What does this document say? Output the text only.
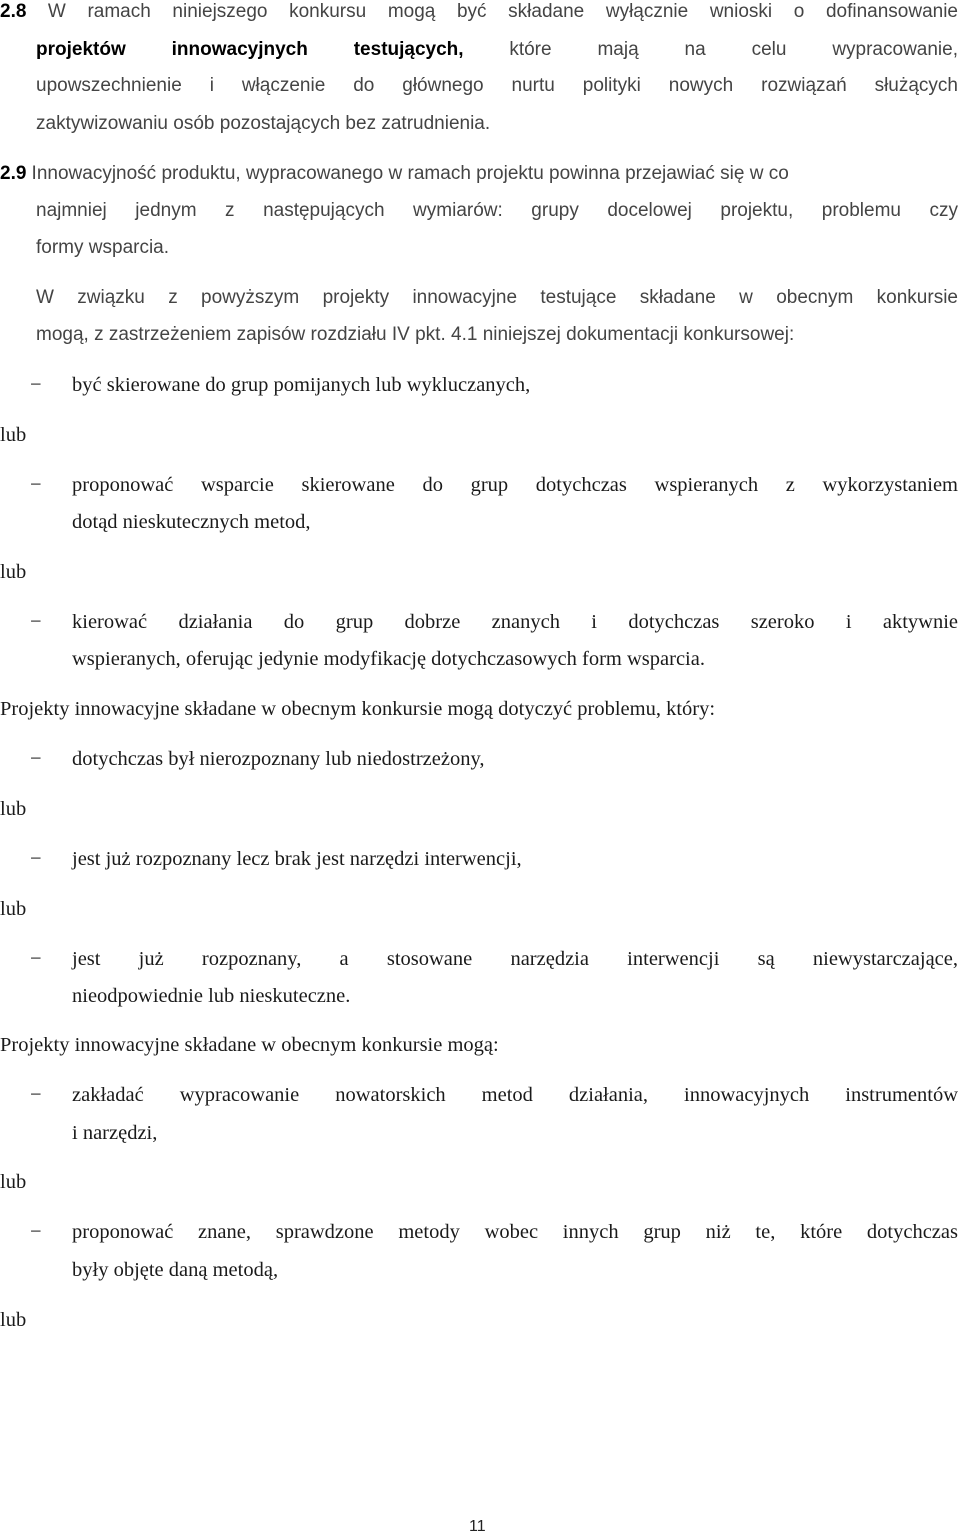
2.8 W ramach niniejszego konkursu mogą być składane wyłącznie wnioski o dofinansowanie
projektów innowacyjnych testujących, które mają na celu wypracowanie,
upowszechnienie i włączenie do głównego nurtu polityki nowych rozwiązań służących
zaktywizowaniu osób pozostających bez zatrudnienia.
2.9 Innowacyjność produktu, wypracowanego w ramach projektu powinna przejawiać się w co
najmniej jednym z następujących wymiarów: grupy docelowej projektu, problemu czy
formy wsparcia.
W związku z powyższym projekty innowacyjne testujące składane w obecnym konkursie
mogą, z zastrzeżeniem zapisów rozdziału IV pkt. 4.1 niniejszej dokumentacji konkursowej:
− być skierowane do grup pomijanych lub wykluczanych,
lub
− proponować wsparcie skierowane do grup dotychczas wspieranych z wykorzystaniem
dotąd nieskutecznych metod,
lub
− kierować działania do grup dobrze znanych i dotychczas szeroko i aktywnie
wspieranych, oferując jedynie modyfikację dotychczasowych form wsparcia.
Projekty innowacyjne składane w obecnym konkursie mogą dotyczyć problemu, który:
− dotychczas był nierozpoznany lub niedostrzeżony,
lub
− jest już rozpoznany lecz brak jest narzędzi interwencji,
lub
− jest już rozpoznany, a stosowane narzędzia interwencji są niewystarczające,
nieodpowiednie lub nieskuteczne.
Projekty innowacyjne składane w obecnym konkursie mogą:
− zakładać wypracowanie nowatorskich metod działania, innowacyjnych instrumentów
i narzędzi,
lub
− proponować znane, sprawdzone metody wobec innych grup niż te, które dotychczas
były objęte daną metodą,
lub
11
